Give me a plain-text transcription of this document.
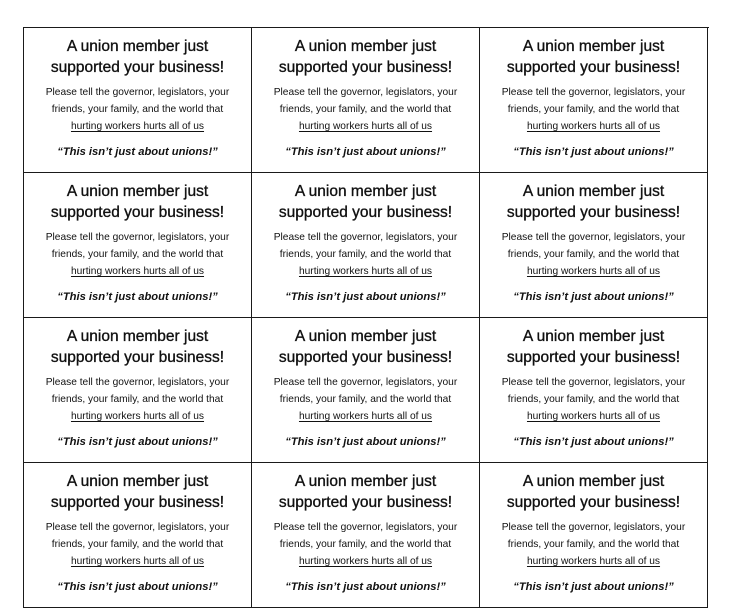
A union member just
supported your business!
Please tell the governor, legislators, your
friends, your family, and the world that
hurting workers hurts all of us
“This isn’t just about unions!”
A union member just
supported your business!
Please tell the governor, legislators, your
friends, your family, and the world that
hurting workers hurts all of us
“This isn’t just about unions!”
A union member just
supported your business!
Please tell the governor, legislators, your
friends, your family, and the world that
hurting workers hurts all of us
“This isn’t just about unions!”
A union member just
supported your business!
Please tell the governor, legislators, your
friends, your family, and the world that
hurting workers hurts all of us
“This isn’t just about unions!”
A union member just
supported your business!
Please tell the governor, legislators, your
friends, your family, and the world that
hurting workers hurts all of us
“This isn’t just about unions!”
A union member just
supported your business!
Please tell the governor, legislators, your
friends, your family, and the world that
hurting workers hurts all of us
“This isn’t just about unions!”
A union member just
supported your business!
Please tell the governor, legislators, your
friends, your family, and the world that
hurting workers hurts all of us
“This isn’t just about unions!”
A union member just
supported your business!
Please tell the governor, legislators, your
friends, your family, and the world that
hurting workers hurts all of us
“This isn’t just about unions!”
A union member just
supported your business!
Please tell the governor, legislators, your
friends, your family, and the world that
hurting workers hurts all of us
“This isn’t just about unions!”
A union member just
supported your business!
Please tell the governor, legislators, your
friends, your family, and the world that
hurting workers hurts all of us
“This isn’t just about unions!”
A union member just
supported your business!
Please tell the governor, legislators, your
friends, your family, and the world that
hurting workers hurts all of us
“This isn’t just about unions!”
A union member just
supported your business!
Please tell the governor, legislators, your
friends, your family, and the world that
hurting workers hurts all of us
“This isn’t just about unions!”
